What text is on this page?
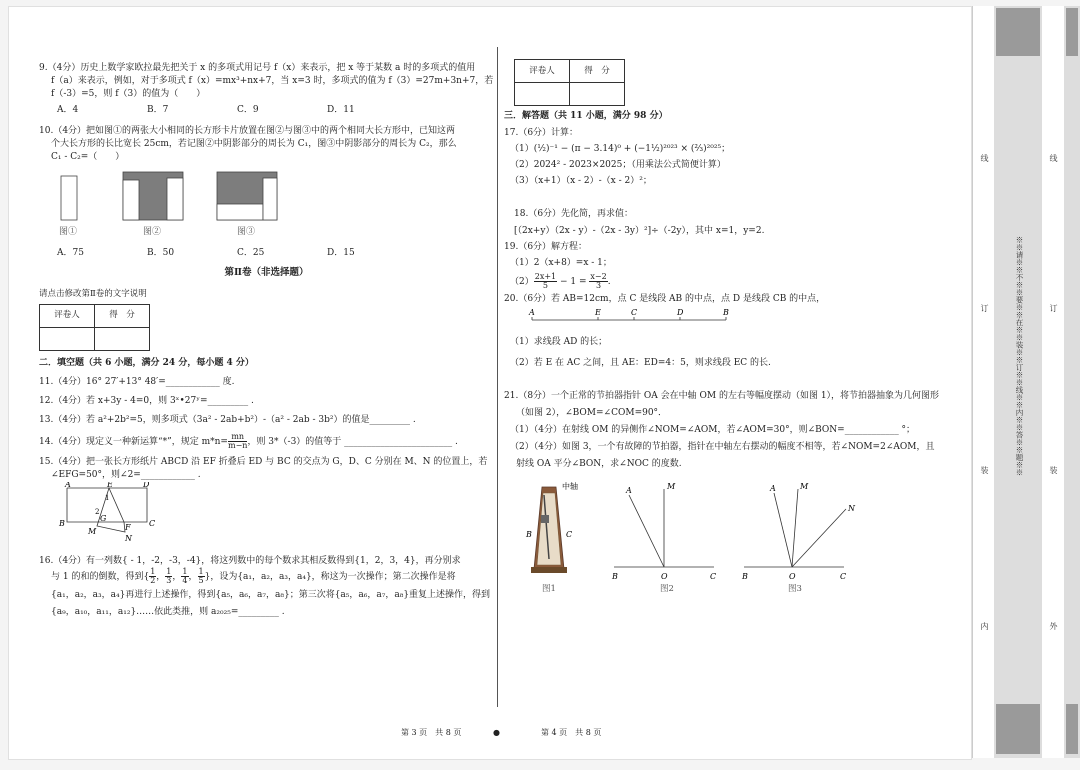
9.（4分）历史上数学家欧拉最先把关于 x 的多项式用记号 f（x）来表示，把 x 等于某数 a 时的多项式的值用

f（a）来表示，例如，对于多项式 f（x）=mx³+nx+7，当 x=3 时，多项式的值为 f（3）=27m+3n+7，若

f（-3）=5，则 f（3）的值为（　　）

A．4	B．7	C．9	D．11

10.（4分）把如图①的两张大小相同的长方形卡片放置在图②与图③中的两个相同大长方形中，已知这两

个大长方形的长比宽长 25cm，若记图②中阴影部分的周长为 C₁，图③中阴影部分的周长为 C₂，那么

C₁ - C₂=（　　）

图①	图②	图③
A．75	B．50	C．25	D．15

第Ⅱ卷（非选择题）

请点击修改第Ⅱ卷的文字说明

评卷人	得　分

二．填空题（共 6 小题，满分 24 分，每小题 4 分）

11.（4分）16° 27′+13° 48′=____________ 度.

12.（4分）若 x+3y - 4=0，则 3ˣ•27ʸ=_________ .

13.（4分）若 a²+2b²=5，则多项式（3a² - 2ab+b²）-（a² - 2ab - 3b²）的值是_________ .

14.（4分）现定义一种新运算“*”，规定 $m*n= \frac{mn}{m-n}$ ，则 3*（-3）的值等于 ________________________ .

15.（4分）把一张长方形纸片 ABCD 沿 EF 折叠后 ED 与 BC 的交点为 G，D、C 分别在 M、N 的位置上，若

∠EFG=50°，则∠2=____________ .

A	E	D
B	F C
G
M
N
1
2

16.（4分）有一列数{ - 1，-2，-3，-4}，将这列数中的每个数求其相反数得到{1，2，3，4}，再分别求

与 1 的和的倒数，得到{ $\frac{1}{2}$ ， $\frac{1}{3}$ ， $\frac{1}{4}$ ， $\frac{1}{5}$ }，设为{a₁，a₂，a₃，a₄}，称这为一次操作；第二次操作是将

{a₁，a₂，a₃，a₄}再进行上述操作，得到{a₅，a₆，a₇，a₈}；第三次将{a₅，a₆，a₇，a₈}重复上述操作，得到

{a₉，a₁₀，a₁₁，a₁₂}……依此类推，则 a₂₀₂₅=_________ .

评卷人	得　分

三．解答题（共 11 小题，满分 98 分）

17.（6分）计算：

（1）(½)⁻¹ − (π − 3.14)⁰ + (−1½)²⁰²³ × (⅔)²⁰²⁵；

（2）2024² - 2023×2025；（用乘法公式简便计算）

（3）（x+1）（x - 2）-（x - 2）²；

18.（6分）先化简，再求值：

[（2x+y）（2x - y）-（2x - 3y）²]÷（-2y），其中 x=1，y=2.

19.（6分）解方程：

（1）2（x+8）=x - 1；

$(2) \frac{2x+1}{5} - 1 = \frac{x-2}{3}$ .

20.（6分）若 AB=12cm，点 C 是线段 AB 的中点，点 D 是线段 CB 的中点，

A	E	C	D	B

（1）求线段 AD 的长；

（2）若 E 在 AC 之间，且 AE：ED=4：5，则求线段 EC 的长.

21.（8分）一个正常的节拍器指针 OA 会在中轴 OM 的左右等幅度摆动（如图 1），将节拍器抽象为几何图形

（如图 2），∠BOM=∠COM=90°．

（1）（4分）在射线 OM 的异侧作∠NOM=∠AOM，若∠AOM=30°，则∠BON=____________ °；

（2）（4分）如图 3，一个有故障的节拍器，指针在中轴左右摆动的幅度不相等，若∠NOM=2∠AOM，且

射线 OA 平分∠BON，求∠NOC 的度数.

中轴
B	C
图1
A	M
B	O	C
图2
A	M
N
B	O	C
图3
第 3 页　共 8 页	●	第 4 页　共 8 页
线
订
装
内
※※请※※不※※要※※在※※装※※订※※线※※内※※答※※题※※
线
订
装
外
